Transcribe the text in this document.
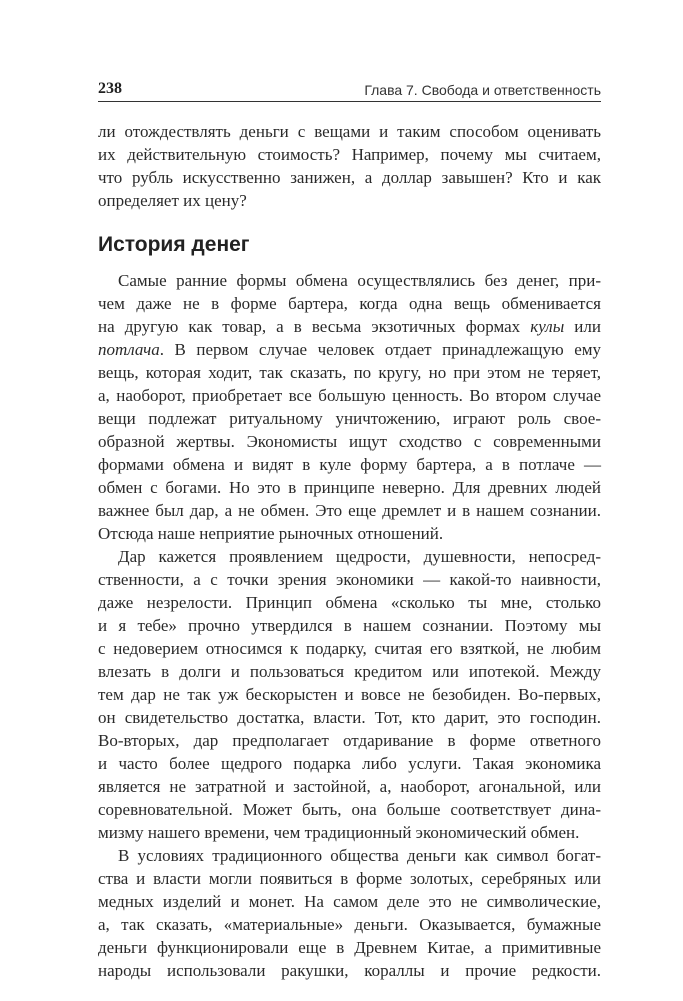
238	Глава 7. Свобода и ответственность
ли отождествлять деньги с вещами и таким способом оценивать
их действительную стоимость? Например, почему мы считаем,
что рубль искусственно занижен, а доллар завышен? Кто и как
определяет их цену?
История денег
Самые ранние формы обмена осуществлялись без денег, при-
чем даже не в форме бартера, когда одна вещь обменивается
на другую как товар, а в весьма экзотичных формах кулы или
потлача. В первом случае человек отдает принадлежащую ему
вещь, которая ходит, так сказать, по кругу, но при этом не теряет,
а, наоборот, приобретает все большую ценность. Во втором случае
вещи подлежат ритуальному уничтожению, играют роль свое-
образной жертвы. Экономисты ищут сходство с современными
формами обмена и видят в куле форму бартера, а в потлаче —
обмен с богами. Но это в принципе неверно. Для древних людей
важнее был дар, а не обмен. Это еще дремлет и в нашем сознании.
Отсюда наше неприятие рыночных отношений.
Дар кажется проявлением щедрости, душевности, непосред-
ственности, а с точки зрения экономики — какой-то наивности,
даже незрелости. Принцип обмена «сколько ты мне, столько
и я тебе» прочно утвердился в нашем сознании. Поэтому мы
с недоверием относимся к подарку, считая его взяткой, не любим
влезать в долги и пользоваться кредитом или ипотекой. Между
тем дар не так уж бескорыстен и вовсе не безобиден. Во-первых,
он свидетельство достатка, власти. Тот, кто дарит, это господин.
Во-вторых, дар предполагает отдаривание в форме ответного
и часто более щедрого подарка либо услуги. Такая экономика
является не затратной и застойной, а, наоборот, агональной, или
соревновательной. Может быть, она больше соответствует дина-
мизму нашего времени, чем традиционный экономический обмен.
В условиях традиционного общества деньги как символ богат-
ства и власти могли появиться в форме золотых, серебряных или
медных изделий и монет. На самом деле это не символические,
а, так сказать, «материальные» деньги. Оказывается, бумажные
деньги функционировали еще в Древнем Китае, а примитивные
народы использовали ракушки, кораллы и прочие редкости.
